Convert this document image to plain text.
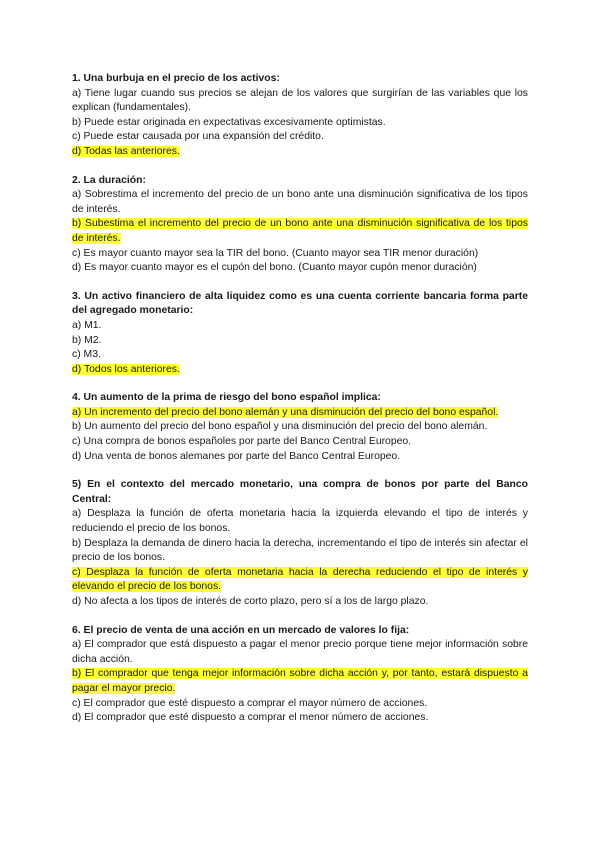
1. Una burbuja en el precio de los activos:
a) Tiene lugar cuando sus precios se alejan de los valores que surgirían de las variables que los explican (fundamentales).
b) Puede estar originada en expectativas excesivamente optimistas.
c) Puede estar causada por una expansión del crédito.
d) Todas las anteriores.
2. La duración:
a) Sobrestima el incremento del precio de un bono ante una disminución significativa de los tipos de interés.
b) Subestima el incremento del precio de un bono ante una disminución significativa de los tipos de interés.
c) Es mayor cuanto mayor sea la TIR del bono. (Cuanto mayor sea TIR menor duración)
d) Es mayor cuanto mayor es el cupón del bono. (Cuanto mayor cupón menor duración)
3. Un activo financiero de alta liquidez como es una cuenta corriente bancaria forma parte del agregado monetario:
a) M1.
b) M2.
c) M3.
d) Todos los anteriores.
4. Un aumento de la prima de riesgo del bono español implica:
a) Un incremento del precio del bono alemán y una disminución del precio del bono español.
b) Un aumento del precio del bono español y una disminución del precio del bono alemán.
c) Una compra de bonos españoles por parte del Banco Central Europeo.
d) Una venta de bonos alemanes por parte del Banco Central Europeo.
5) En el contexto del mercado monetario, una compra de bonos por parte del Banco Central:
a) Desplaza la función de oferta monetaria hacia la izquierda elevando el tipo de interés y reduciendo el precio de los bonos.
b) Desplaza la demanda de dinero hacia la derecha, incrementando el tipo de interés sin afectar el precio de los bonos.
c) Desplaza la función de oferta monetaria hacia la derecha reduciendo el tipo de interés y elevando el precio de los bonos.
d) No afecta a los tipos de interés de corto plazo, pero sí a los de largo plazo.
6. El precio de venta de una acción en un mercado de valores lo fija:
a) El comprador que está dispuesto a pagar el menor precio porque tiene mejor información sobre dicha acción.
b) El comprador que tenga mejor información sobre dicha acción y, por tanto, estará dispuesto a pagar el mayor precio.
c) El comprador que esté dispuesto a comprar el mayor número de acciones.
d) El comprador que esté dispuesto a comprar el menor número de acciones.
